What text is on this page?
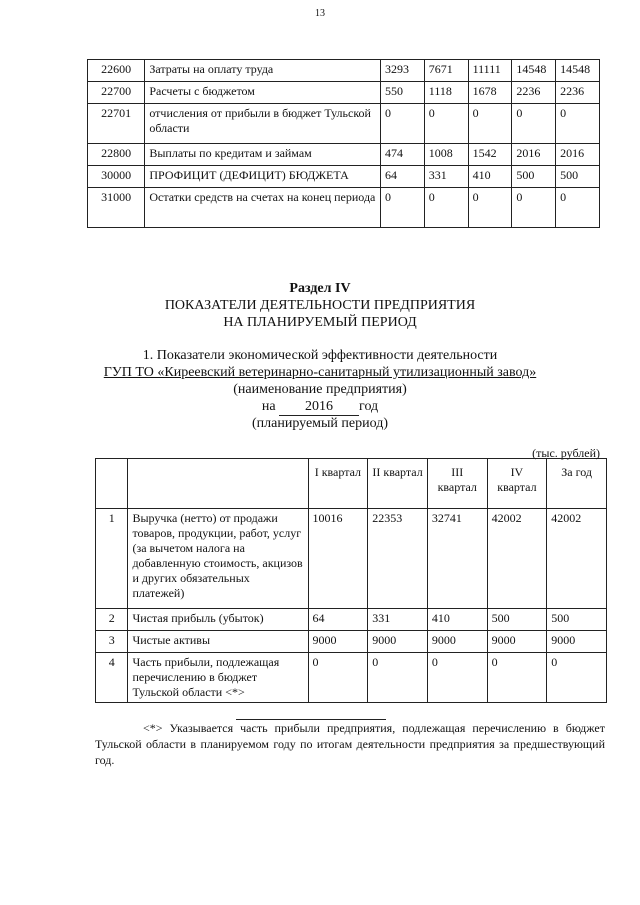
13
22600	Затраты на оплату труда	3293	7671	11111	14548	14548
22700	Расчеты с бюджетом	550	1118	1678	2236	2236
22701	отчисления от прибыли в бюджет Тульской области	0	0	0	0	0
22800	Выплаты по кредитам и займам	474	1008	1542	2016	2016
30000	ПРОФИЦИТ (ДЕФИЦИТ) БЮДЖЕТА	64	331	410	500	500
31000	Остатки средств на счетах на конец периода	0	0	0	0	0
Раздел IV
ПОКАЗАТЕЛИ ДЕЯТЕЛЬНОСТИ ПРЕДПРИЯТИЯ
НА ПЛАНИРУЕМЫЙ ПЕРИОД
1. Показатели экономической эффективности деятельности
ГУП ТО «Киреевский ветеринарно-санитарный утилизационный завод»
(наименование предприятия)
на 2016 год
(планируемый период)
(тыс. рублей)
		I квартал	II квартал	III квартал	IV квартал	За год
1	Выручка (нетто) от продажи товаров, продукции, работ, услуг (за вычетом налога на добавленную стоимость, акцизов и других обязательных платежей)	10016	22353	32741	42002	42002
2	Чистая прибыль (убыток)	64	331	410	500	500
3	Чистые активы	9000	9000	9000	9000	9000
4	Часть прибыли, подлежащая перечислению в бюджет Тульской области <*>	0	0	0	0	0
<*> Указывается часть прибыли предприятия, подлежащая перечислению в бюджет Тульской области в планируемом году по итогам деятельности предприятия за предшествующий год.
